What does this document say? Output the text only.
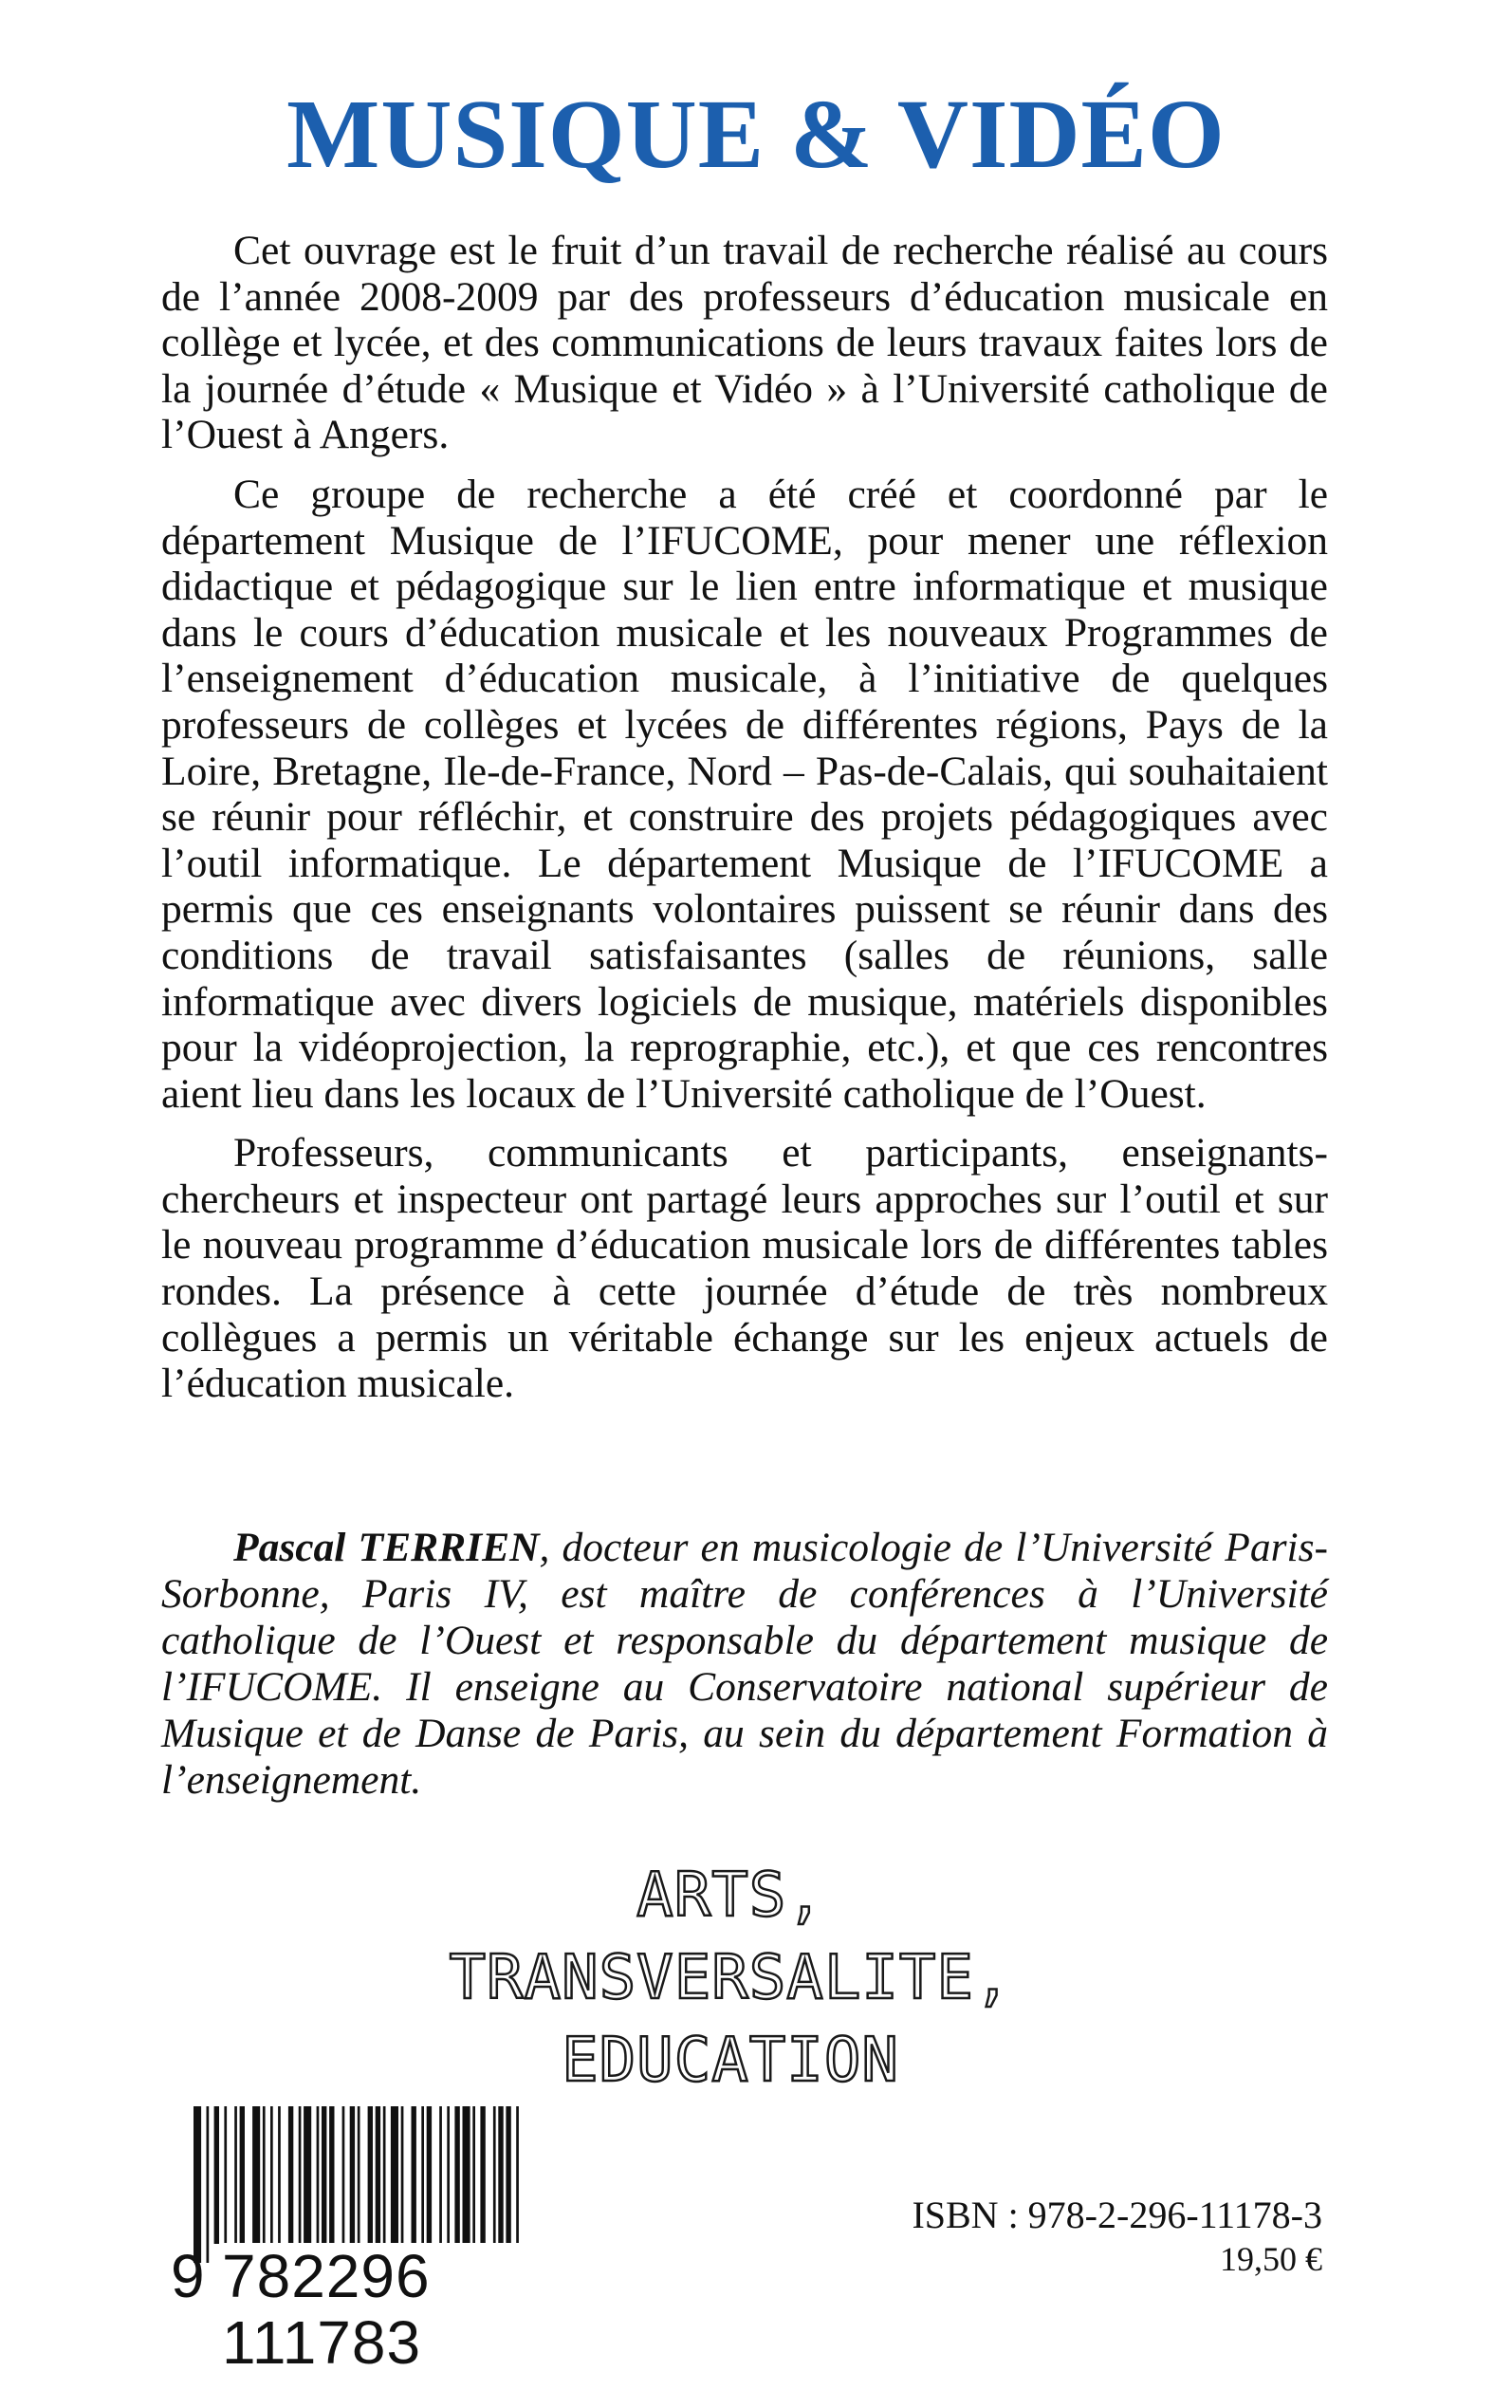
MUSIQUE & VIDÉO

Cet ouvrage est le fruit d’un travail de recherche réalisé au cours de l’année 2008-2009 par des professeurs d’éducation musicale en collège et lycée, et des communications de leurs travaux faites lors de la journée d’étude « Musique et Vidéo » à l’Université catholique de l’Ouest à Angers.

Ce groupe de recherche a été créé et coordonné par le département Musique de l’IFUCOME, pour mener une réflexion didactique et pédagogique sur le lien entre informatique et musique dans le cours d’éducation musicale et les nouveaux Programmes de l’enseignement d’éducation musicale, à l’initiative de quelques professeurs de collèges et lycées de différentes régions, Pays de la Loire, Bretagne, Ile-de-France, Nord – Pas-de-Calais, qui souhaitaient se réunir pour réfléchir, et construire des projets pédagogiques avec l’outil informatique. Le département Musique de l’IFUCOME a permis que ces enseignants volontaires puissent se réunir dans des conditions de travail satisfaisantes (salles de réunions, salle informatique avec divers logiciels de musique, matériels disponibles pour la vidéoprojection, la reprographie, etc.), et que ces rencontres aient lieu dans les locaux de l’Université catholique de l’Ouest.

Professeurs, communicants et participants, enseignants-chercheurs et inspecteur ont partagé leurs approches sur l’outil et sur le nouveau programme d’éducation musicale lors de différentes tables rondes. La présence à cette journée d’étude de très nombreux collègues a permis un véritable échange sur les enjeux actuels de l’éducation musicale.

Pascal TERRIEN, docteur en musicologie de l’Université Paris-Sorbonne, Paris IV, est maître de conférences à l’Université catholique de l’Ouest et responsable du département musique de l’IFUCOME. Il enseigne au Conservatoire national supérieur de Musique et de Danse de Paris, au sein du département Formation à l’enseignement.
ARTS,
TRANSVERSALITE,
EDUCATION
9 782296 111783
ISBN : 978-2-296-11178-3
19,50 €
